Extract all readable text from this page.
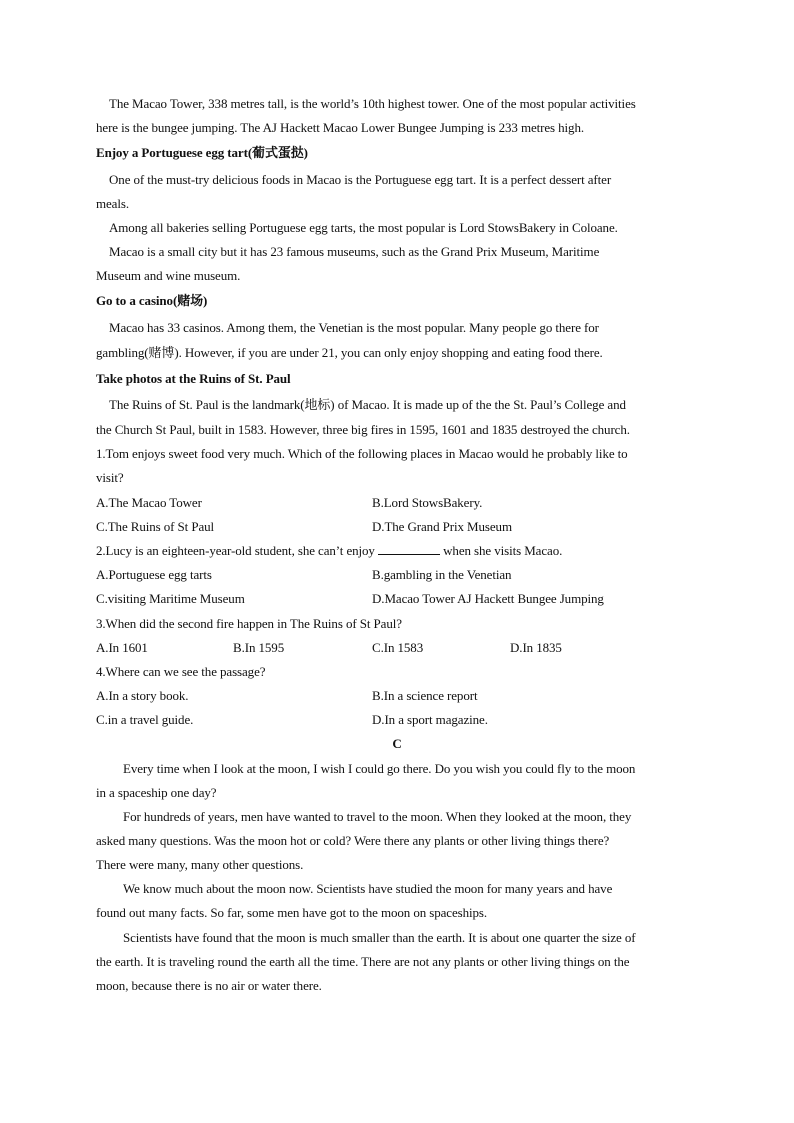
The Macao Tower, 338 metres tall, is the world’s 10th highest tower. One of the most popular activities
here is the bungee jumping. The AJ Hackett Macao Lower Bungee Jumping is 233 metres high.
Enjoy a Portuguese egg tart(葡式蛋挞)
One of the must-try delicious foods in Macao is the Portuguese egg tart. It is a perfect dessert after
meals.
Among all bakeries selling Portuguese egg tarts, the most popular is Lord StowsBakery in Coloane.
Macao is a small city but it has 23 famous museums, such as the Grand Prix Museum, Maritime
Museum and wine museum.
Go to a casino(赌场)
Macao has 33 casinos. Among them, the Venetian is the most popular. Many people go there for
gambling(赌博). However, if you are under 21, you can only enjoy shopping and eating food there.
Take photos at the Ruins of St. Paul
The Ruins of St. Paul is the landmark(地标) of Macao. It is made up of the the St. Paul’s College and
the Church St Paul, built in 1583. However, three big fires in 1595, 1601 and 1835 destroyed the church.
1.Tom enjoys sweet food very much. Which of the following places in Macao would he probably like to
visit?
A.The Macao Tower	B.Lord StowsBakery.
C.The Ruins of St Paul	D.The Grand Prix Museum
2.Lucy is an eighteen-year-old student, she can’t enjoy	when she visits Macao.
A.Portuguese egg tarts	B.gambling in the Venetian
C.visiting Maritime Museum	D.Macao Tower AJ Hackett Bungee Jumping
3.When did the second fire happen in The Ruins of St Paul?
A.In 1601	B.In 1595	C.In 1583	D.In 1835
4.Where can we see the passage?
A.In a story book.	B.In a science report
C.in a travel guide.	D.In a sport magazine.
C
Every time when I look at the moon, I wish I could go there. Do you wish you could fly to the moon
in a spaceship one day?
For hundreds of years, men have wanted to travel to the moon. When they looked at the moon, they
asked many questions. Was the moon hot or cold? Were there any plants or other living things there?
There were many, many other questions.
We know much about the moon now. Scientists have studied the moon for many years and have
found out many facts. So far, some men have got to the moon on spaceships.
Scientists have found that the moon is much smaller than the earth. It is about one quarter the size of
the earth. It is traveling round the earth all the time. There are not any plants or other living things on the
moon, because there is no air or water there.
